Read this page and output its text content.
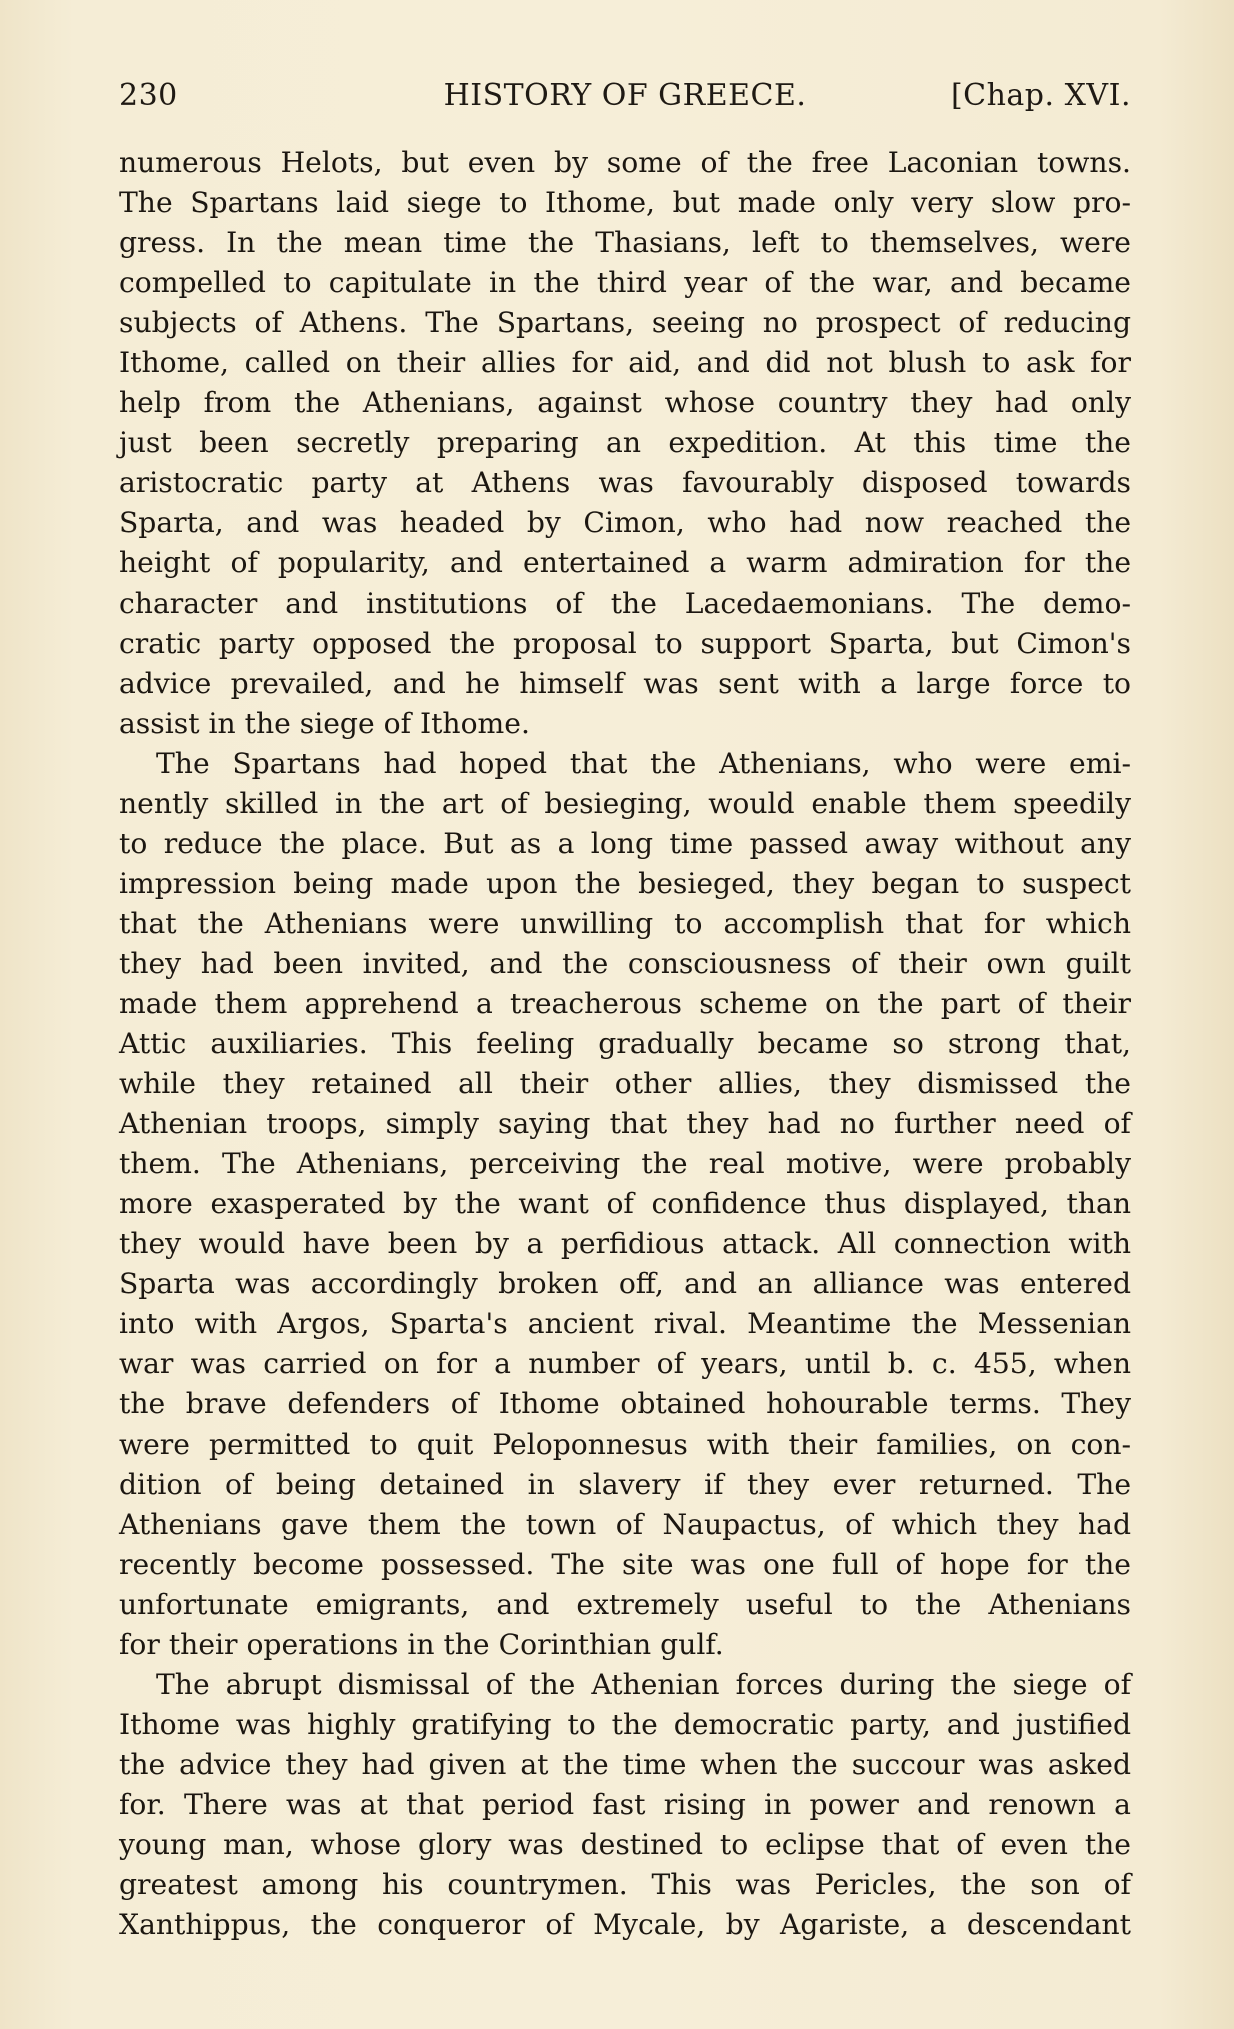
230	HISTORY OF GREECE.	[Chap. XVI.
numerous Helots, but even by some of the free Laconian towns.
The Spartans laid siege to Ithome, but made only very slow pro-
gress. In the mean time the Thasians, left to themselves, were
compelled to capitulate in the third year of the war, and became
subjects of Athens. The Spartans, seeing no prospect of reducing
Ithome, called on their allies for aid, and did not blush to ask for
help from the Athenians, against whose country they had only
just been secretly preparing an expedition. At this time the
aristocratic party at Athens was favourably disposed towards
Sparta, and was headed by Cimon, who had now reached the
height of popularity, and entertained a warm admiration for the
character and institutions of the Lacedaemonians. The demo-
cratic party opposed the proposal to support Sparta, but Cimon's
advice prevailed, and he himself was sent with a large force to
assist in the siege of Ithome.
The Spartans had hoped that the Athenians, who were emi-
nently skilled in the art of besieging, would enable them speedily
to reduce the place. But as a long time passed away without any
impression being made upon the besieged, they began to suspect
that the Athenians were unwilling to accomplish that for which
they had been invited, and the consciousness of their own guilt
made them apprehend a treacherous scheme on the part of their
Attic auxiliaries. This feeling gradually became so strong that,
while they retained all their other allies, they dismissed the
Athenian troops, simply saying that they had no further need of
them. The Athenians, perceiving the real motive, were probably
more exasperated by the want of confidence thus displayed, than
they would have been by a perfidious attack. All connection with
Sparta was accordingly broken off, and an alliance was entered
into with Argos, Sparta's ancient rival. Meantime the Messenian
war was carried on for a number of years, until b. c. 455, when
the brave defenders of Ithome obtained hohourable terms. They
were permitted to quit Peloponnesus with their families, on con-
dition of being detained in slavery if they ever returned. The
Athenians gave them the town of Naupactus, of which they had
recently become possessed. The site was one full of hope for the
unfortunate emigrants, and extremely useful to the Athenians
for their operations in the Corinthian gulf.
The abrupt dismissal of the Athenian forces during the siege of
Ithome was highly gratifying to the democratic party, and justified
the advice they had given at the time when the succour was asked
for. There was at that period fast rising in power and renown a
young man, whose glory was destined to eclipse that of even the
greatest among his countrymen. This was Pericles, the son of
Xanthippus, the conqueror of Mycale, by Agariste, a descendant
